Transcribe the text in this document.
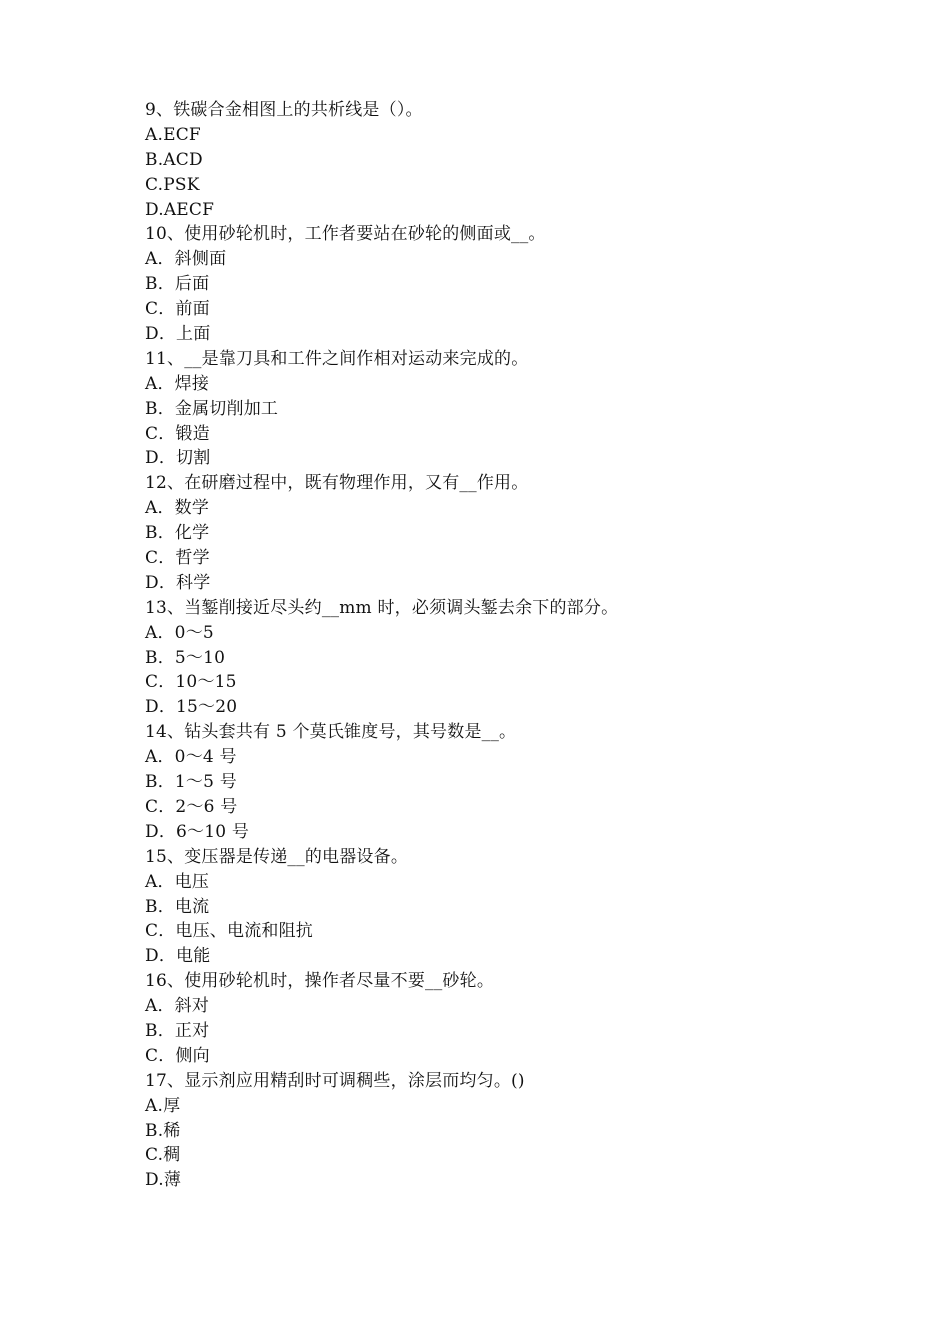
9、铁碳合金相图上的共析线是（）。
A.ECF
B.ACD
C.PSK
D.AECF
10、使用砂轮机时，工作者要站在砂轮的侧面或__。
A．斜侧面
B．后面
C．前面
D．上面
11、__是靠刀具和工件之间作相对运动来完成的。
A．焊接
B．金属切削加工
C．锻造
D．切割
12、在研磨过程中，既有物理作用，又有__作用。
A．数学
B．化学
C．哲学
D．科学
13、当錾削接近尽头约__mm 时，必须调头錾去余下的部分。
A．0～5
B．5～10
C．10～15
D．15～20
14、钻头套共有 5 个莫氏锥度号，其号数是__。
A．0～4 号
B．1～5 号
C．2～6 号
D．6～10 号
15、变压器是传递__的电器设备。
A．电压
B．电流
C．电压、电流和阻抗
D．电能
16、使用砂轮机时，操作者尽量不要__砂轮。
A．斜对
B．正对
C．侧向
17、显示剂应用精刮时可调稠些，涂层而均匀。()
A.厚
B.稀
C.稠
D.薄
